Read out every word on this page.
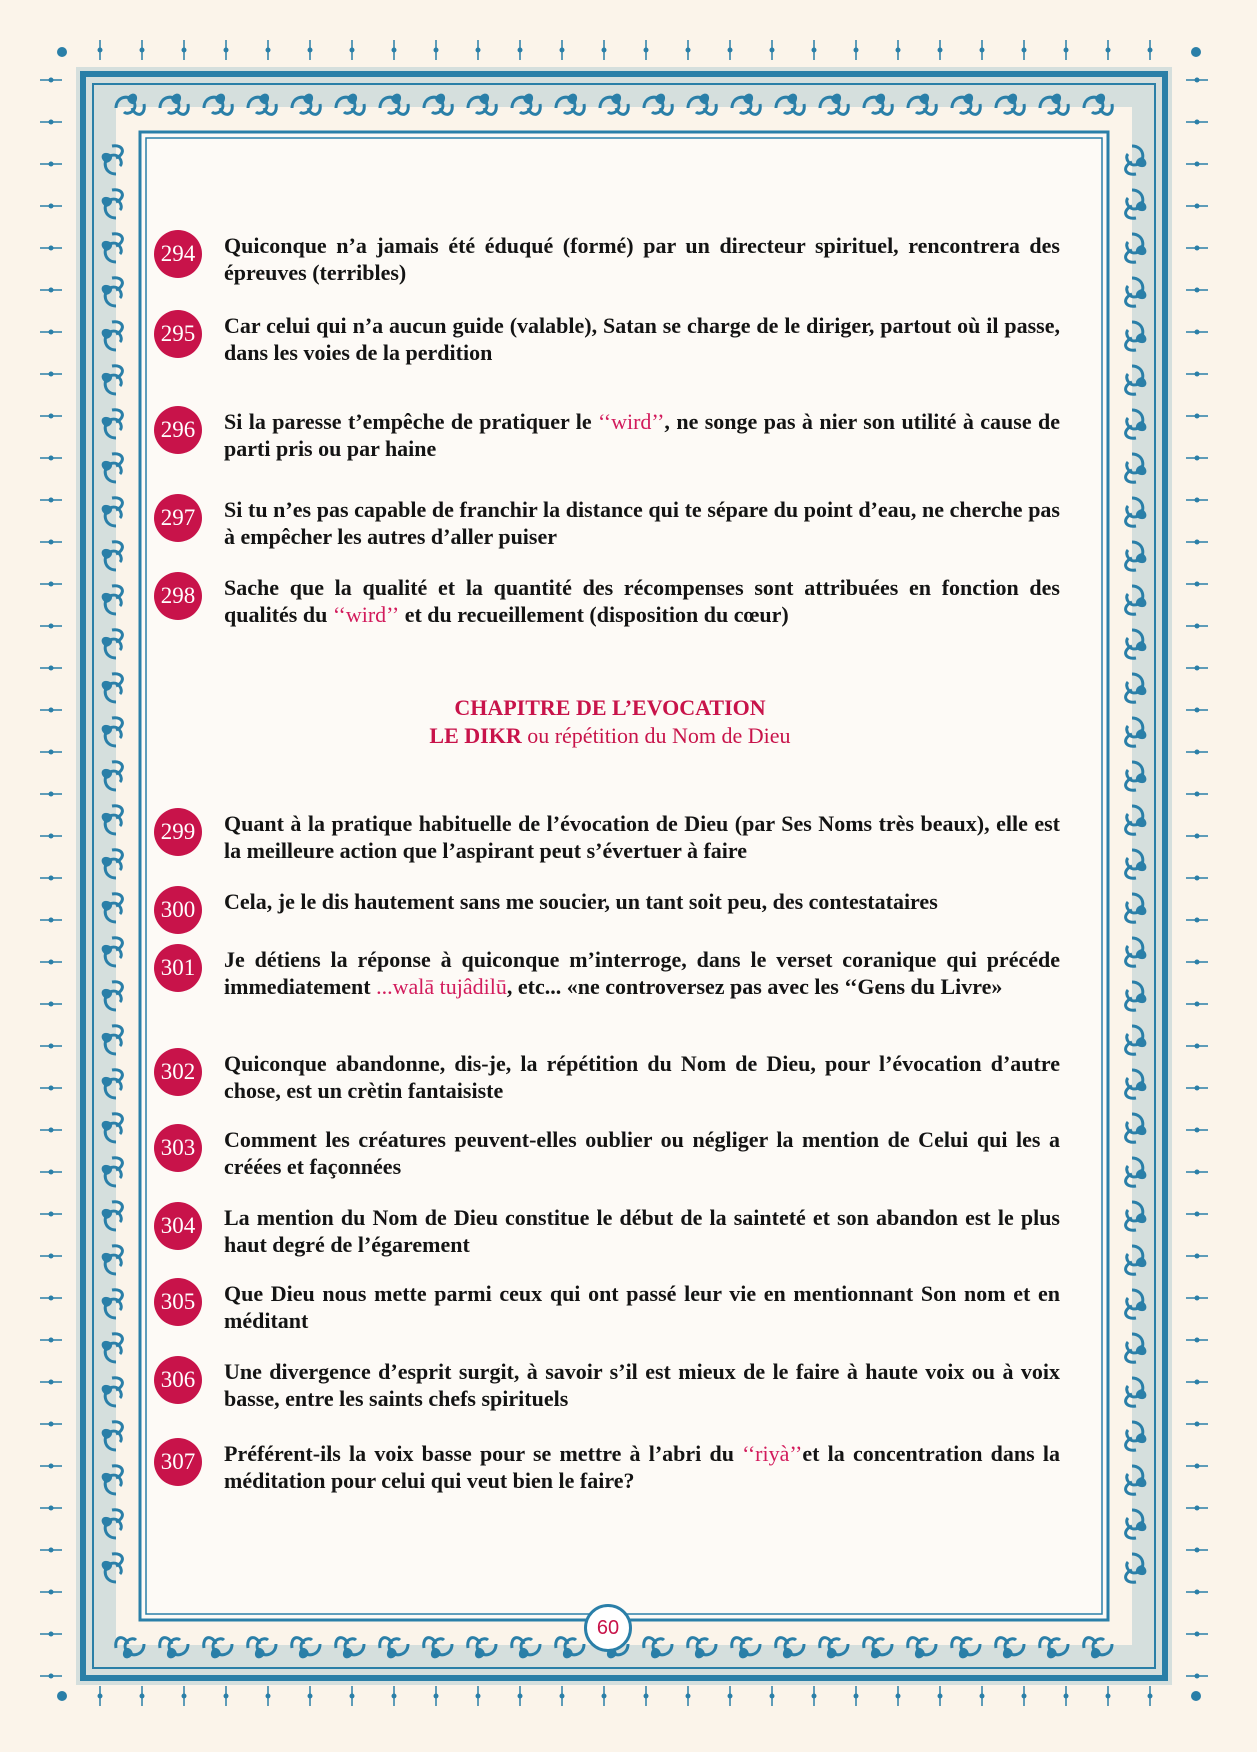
294	Quiconque n’a jamais été éduqué (formé) par un directeur spirituel, rencontrera des épreuves (terribles)
295	Car celui qui n’a aucun guide (valable), Satan se charge de le diriger, partout où il passe, dans les voies de la perdition
296	Si la paresse t’empêche de pratiquer le ‘‘wird’’, ne songe pas à nier son utilité à cause de parti pris ou par haine
297	Si tu n’es pas capable de franchir la distance qui te sépare du point d’eau, ne cherche pas à empêcher les autres d’aller puiser
298	Sache que la qualité et la quantité des récompenses sont attribuées en fonction des qualités du ‘‘wird’’ et du recueillement (disposition du cœur)
CHAPITRE DE L’EVOCATION
LE DIKR ou répétition du Nom de Dieu
299	Quant à la pratique habituelle de l’évocation de Dieu (par Ses Noms très beaux), elle est la meilleure action que l’aspirant peut s’évertuer à faire
300	Cela, je le dis hautement sans me soucier, un tant soit peu, des contestataires
301	Je détiens la réponse à quiconque m’interroge, dans le verset coranique qui précéde immediatement ...walā tujâdilū, etc... «ne controversez pas avec les ‘‘Gens du Livre»
302	Quiconque abandonne, dis-je, la répétition du Nom de Dieu, pour l’évocation d’autre chose, est un crètin fantaisiste
303	Comment les créatures peuvent-elles oublier ou négliger la mention de Celui qui les a créées et façonnées
304	La mention du Nom de Dieu constitue le début de la sainteté et son abandon est le plus haut degré de l’égarement
305	Que Dieu nous mette parmi ceux qui ont passé leur vie en mentionnant Son nom et en méditant
306	Une divergence d’esprit surgit, à savoir s’il est mieux de le faire à haute voix ou à voix basse, entre les saints chefs spirituels
307	Préférent-ils la voix basse pour se mettre à l’abri du ‘‘riyà’’et la concentration dans la méditation pour celui qui veut bien le faire?
60
